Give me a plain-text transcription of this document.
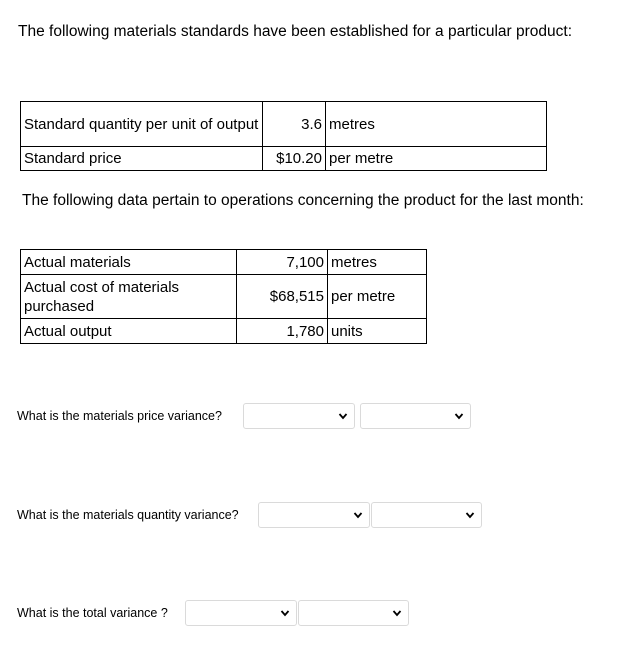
The following materials standards have been established for a particular product:
Standard quantity per unit of output	3.6	metres
Standard price	$10.20	per metre
The following data pertain to operations concerning the product for the last month:
Actual materials	7,100	metres
Actual cost of materials purchased	$68,515	per metre
Actual output	1,780	units
What is the materials price variance?
What is the materials quantity variance?
What is the total variance ?
